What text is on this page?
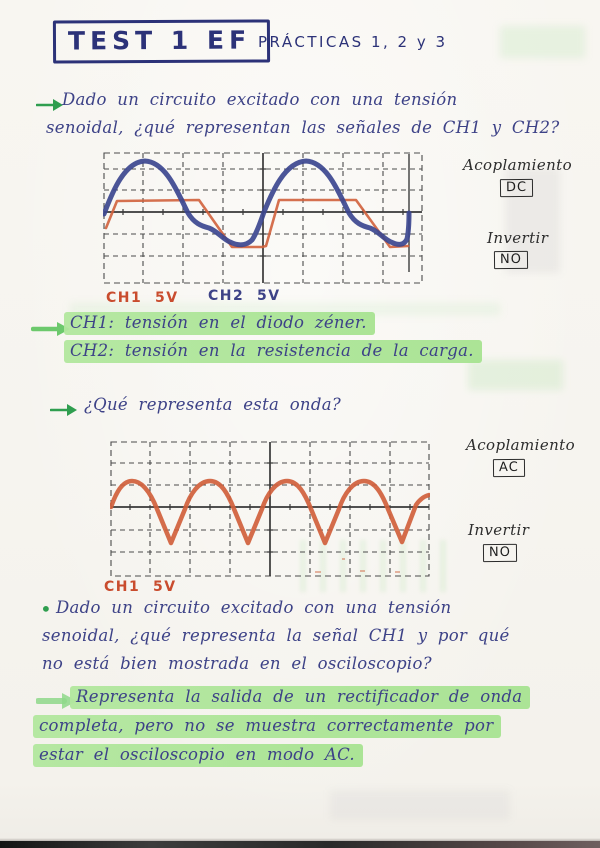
TEST 1 EF PRÁCTICAS 1, 2 y 3
Dado un circuito excitado con una tensión
senoidal, ¿qué representan las señales de CH1 y CH2?
Acoplamiento
DC
Invertir
NO
CH1  5V CH2  5V
CH1: tensión en el diodo zéner.
CH2: tensión en la resistencia de la carga.
¿Qué representa esta onda?
Acoplamiento
AC
Invertir
NO
CH1  5V
• Dado un circuito excitado con una tensión
senoidal, ¿qué representa la señal CH1 y por qué
no está bien mostrada en el osciloscopio?
Representa la salida de un rectificador de onda
completa, pero no se muestra correctamente por
estar el osciloscopio en modo AC.
